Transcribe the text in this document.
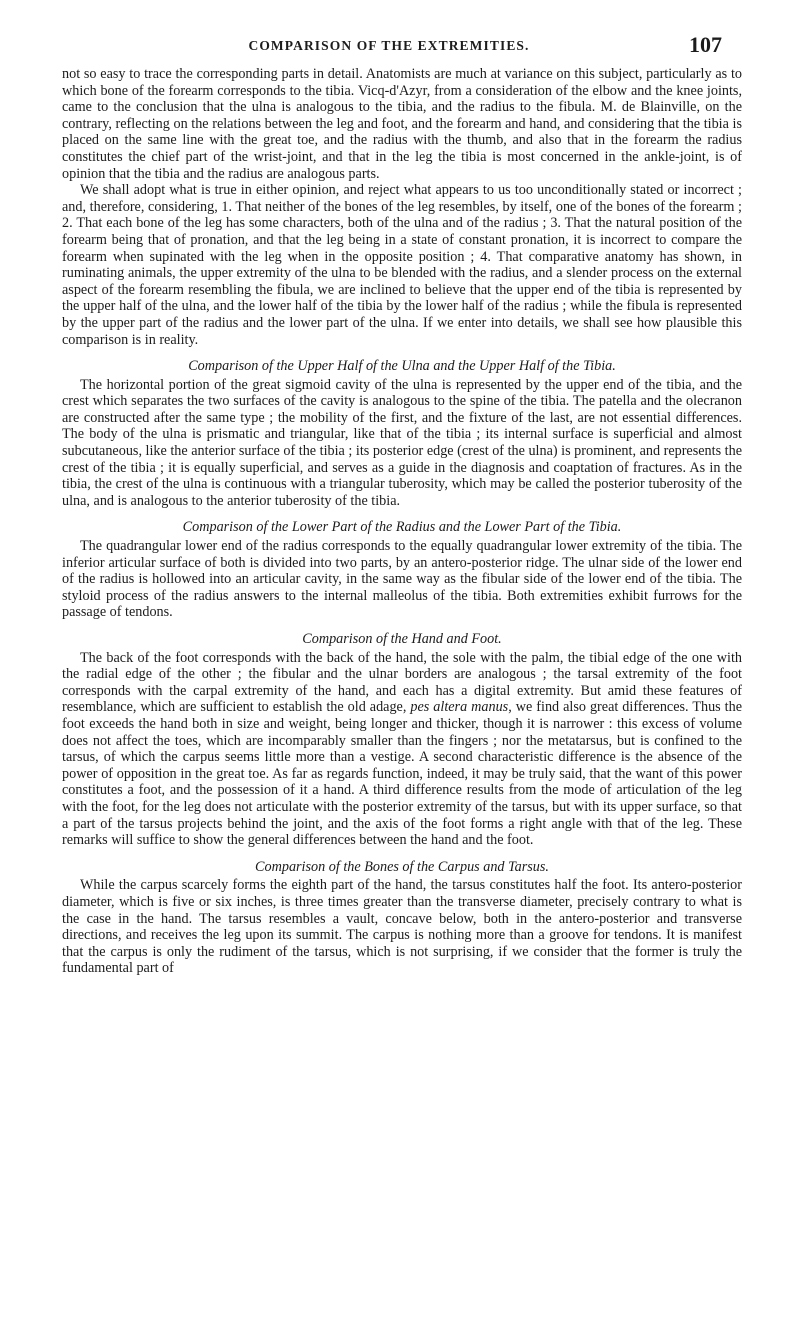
COMPARISON OF THE EXTREMITIES.	107

not so easy to trace the corresponding parts in detail. Anatomists are much at variance on this subject, particularly as to which bone of the forearm corresponds to the tibia. Vicq-d'Azyr, from a consideration of the elbow and the knee joints, came to the conclusion that the ulna is analogous to the tibia, and the radius to the fibula. M. de Blainville, on the contrary, reflecting on the relations between the leg and foot, and the forearm and hand, and considering that the tibia is placed on the same line with the great toe, and the radius with the thumb, and also that in the forearm the radius constitutes the chief part of the wrist-joint, and that in the leg the tibia is most concerned in the ankle-joint, is of opinion that the tibia and the radius are analogous parts.

We shall adopt what is true in either opinion, and reject what appears to us too unconditionally stated or incorrect ; and, therefore, considering, 1. That neither of the bones of the leg resembles, by itself, one of the bones of the forearm ; 2. That each bone of the leg has some characters, both of the ulna and of the radius ; 3. That the natural position of the forearm being that of pronation, and that the leg being in a state of constant pronation, it is incorrect to compare the forearm when supinated with the leg when in the opposite position ; 4. That comparative anatomy has shown, in ruminating animals, the upper extremity of the ulna to be blended with the radius, and a slender process on the external aspect of the forearm resembling the fibula, we are inclined to believe that the upper end of the tibia is represented by the upper half of the ulna, and the lower half of the tibia by the lower half of the radius ; while the fibula is represented by the upper part of the radius and the lower part of the ulna. If we enter into details, we shall see how plausible this comparison is in reality.

Comparison of the Upper Half of the Ulna and the Upper Half of the Tibia.

The horizontal portion of the great sigmoid cavity of the ulna is represented by the upper end of the tibia, and the crest which separates the two surfaces of the cavity is analogous to the spine of the tibia. The patella and the olecranon are constructed after the same type ; the mobility of the first, and the fixture of the last, are not essential differences. The body of the ulna is prismatic and triangular, like that of the tibia ; its internal surface is superficial and almost subcutaneous, like the anterior surface of the tibia ; its posterior edge (crest of the ulna) is prominent, and represents the crest of the tibia ; it is equally superficial, and serves as a guide in the diagnosis and coaptation of fractures. As in the tibia, the crest of the ulna is continuous with a triangular tuberosity, which may be called the posterior tuberosity of the ulna, and is analogous to the anterior tuberosity of the tibia.

Comparison of the Lower Part of the Radius and the Lower Part of the Tibia.

The quadrangular lower end of the radius corresponds to the equally quadrangular lower extremity of the tibia. The inferior articular surface of both is divided into two parts, by an antero-posterior ridge. The ulnar side of the lower end of the radius is hollowed into an articular cavity, in the same way as the fibular side of the lower end of the tibia. The styloid process of the radius answers to the internal malleolus of the tibia. Both extremities exhibit furrows for the passage of tendons.

Comparison of the Hand and Foot.

The back of the foot corresponds with the back of the hand, the sole with the palm, the tibial edge of the one with the radial edge of the other ; the fibular and the ulnar borders are analogous ; the tarsal extremity of the foot corresponds with the carpal extremity of the hand, and each has a digital extremity. But amid these features of resemblance, which are sufficient to establish the old adage, pes altera manus, we find also great differences. Thus the foot exceeds the hand both in size and weight, being longer and thicker, though it is narrower : this excess of volume does not affect the toes, which are incomparably smaller than the fingers ; nor the metatarsus, but is confined to the tarsus, of which the carpus seems little more than a vestige. A second characteristic difference is the absence of the power of opposition in the great toe. As far as regards function, indeed, it may be truly said, that the want of this power constitutes a foot, and the possession of it a hand. A third difference results from the mode of articulation of the leg with the foot, for the leg does not articulate with the posterior extremity of the tarsus, but with its upper surface, so that a part of the tarsus projects behind the joint, and the axis of the foot forms a right angle with that of the leg. These remarks will suffice to show the general differences between the hand and the foot.

Comparison of the Bones of the Carpus and Tarsus.

While the carpus scarcely forms the eighth part of the hand, the tarsus constitutes half the foot. Its antero-posterior diameter, which is five or six inches, is three times greater than the transverse diameter, precisely contrary to what is the case in the hand. The tarsus resembles a vault, concave below, both in the antero-posterior and transverse directions, and receives the leg upon its summit. The carpus is nothing more than a groove for tendons. It is manifest that the carpus is only the rudiment of the tarsus, which is not surprising, if we consider that the former is truly the fundamental part of
